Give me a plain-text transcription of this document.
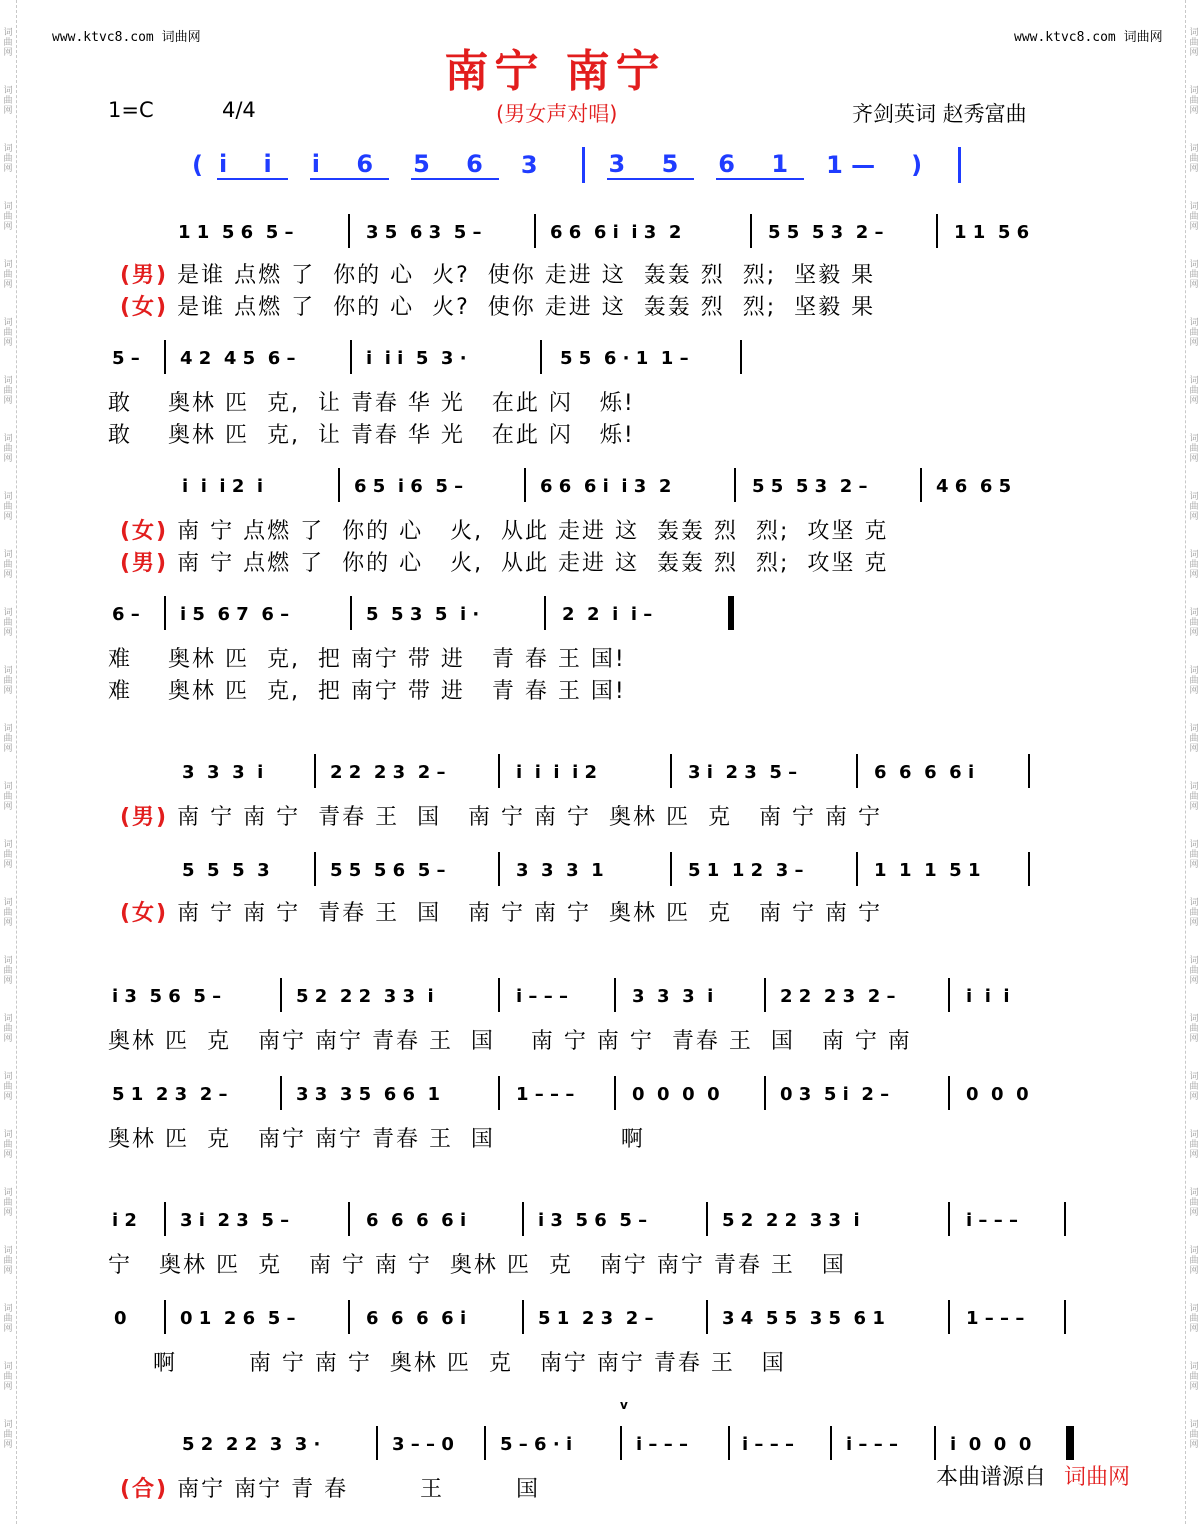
词
曲
网
词
曲
网
词
曲
网
词
曲
网
词
曲
网
词
曲
网
词
曲
网
词
曲
网
词
曲
网
词
曲
网
词
曲
网
词
曲
网
词
曲
网
词
曲
网
词
曲
网
词
曲
网
词
曲
网
词
曲
网
词
曲
网
词
曲
网
词
曲
网
词
曲
网
词
曲
网
词
曲
网
词
曲
网
词
曲
网
词
曲
网
词
曲
网
词
曲
网
词
曲
网
词
曲
网
词
曲
网
词
曲
网
词
曲
网
词
曲
网
词
曲
网
词
曲
网
词
曲
网
词
曲
网
词
曲
网
词
曲
网
词
曲
网
词
曲
网
词
曲
网
词
曲
网
词
曲
网
词
曲
网
词
曲
网
词
曲
网
词
曲
网
www.ktvc8.com 词曲网	www.ktvc8.com 词曲网
南宁 南宁
1=C	4/4	(男女声对唱)	齐剑英词 赵秀富曲
( i i i 6 5 6 3	3 5 6 1 1 — )
1 1  5 6  5 –	3 5  6 3  5 –	6 6  6 i  i 3  2	5 5  5 3  2 –	1 1  5 6
(男) 是谁 点燃 了  你的 心  火?  使你 走进 这  轰轰 烈  烈;  坚毅 果
(女) 是谁 点燃 了  你的 心  火?  使你 走进 这  轰轰 烈  烈;  坚毅 果
5 – 4 2  4 5  6 –	i  i i  5  3 ·	5 5  6 · 1  1 –
敢    奥林 匹  克,  让 青春 华 光   在此 闪   烁!
敢    奥林 匹  克,  让 青春 华 光   在此 闪   烁!
i  i  i 2  i	6 5  i 6  5 –	6 6  6 i  i 3  2	5 5  5 3  2 –	4 6  6 5
(女) 南 宁 点燃 了  你的 心   火,  从此 走进 这  轰轰 烈  烈;  攻坚 克
(男) 南 宁 点燃 了  你的 心   火,  从此 走进 这  轰轰 烈  烈;  攻坚 克
6 – i 5  6 7  6 –	5  5 3  5  i ·	2  2  i  i –
难    奥林 匹  克,  把 南宁 带 进   青 春 王 国!
难    奥林 匹  克,  把 南宁 带 进   青 春 王 国!
3  3  3  i	2 2  2 3  2 –	i  i  i  i 2	3 i  2 3  5 –	6  6  6  6 i
(男) 南 宁 南 宁  青春 王  国   南 宁 南 宁  奥林 匹  克   南 宁 南 宁
5  5  5  3	5 5  5 6  5 –	3  3  3  1	5 1  1 2  3 –	1  1  1  5 1
(女) 南 宁 南 宁  青春 王  国   南 宁 南 宁  奥林 匹  克   南 宁 南 宁
i 3  5 6  5 –	5 2  2 2  3 3  i	i – – –	3  3  3  i	2 2  2 3  2 –	i  i  i
奥林 匹  克   南宁 南宁 青春 王  国    南 宁 南 宁  青春 王  国   南 宁 南
5 1  2 3  2 –	3 3  3 5  6 6  1	1 – – –	0  0  0  0	0 3  5 i  2 –	0  0  0
奥林 匹  克   南宁 南宁 青春 王  国              啊
i 2 3 i  2 3  5 –	6  6  6  6 i	i 3  5 6  5 –	5 2  2 2  3 3  i	i – – –
宁   奥林 匹  克   南 宁 南 宁  奥林 匹  克   南宁 南宁 青春 王   国
0	0 1  2 6  5 –	6  6  6  6 i	5 1  2 3  2 –	3 4  5 5  3 5  6 1	1 – – –
啊        南 宁 南 宁  奥林 匹  克   南宁 南宁 青春 王   国
v
5 2  2 2  3  3 ·	3 – – 0	5 – 6 · i	i – – –	i – – –	i – – –	i  0  0  0
(合) 南宁 南宁 青 春        王        国	本曲谱源自 词曲网
